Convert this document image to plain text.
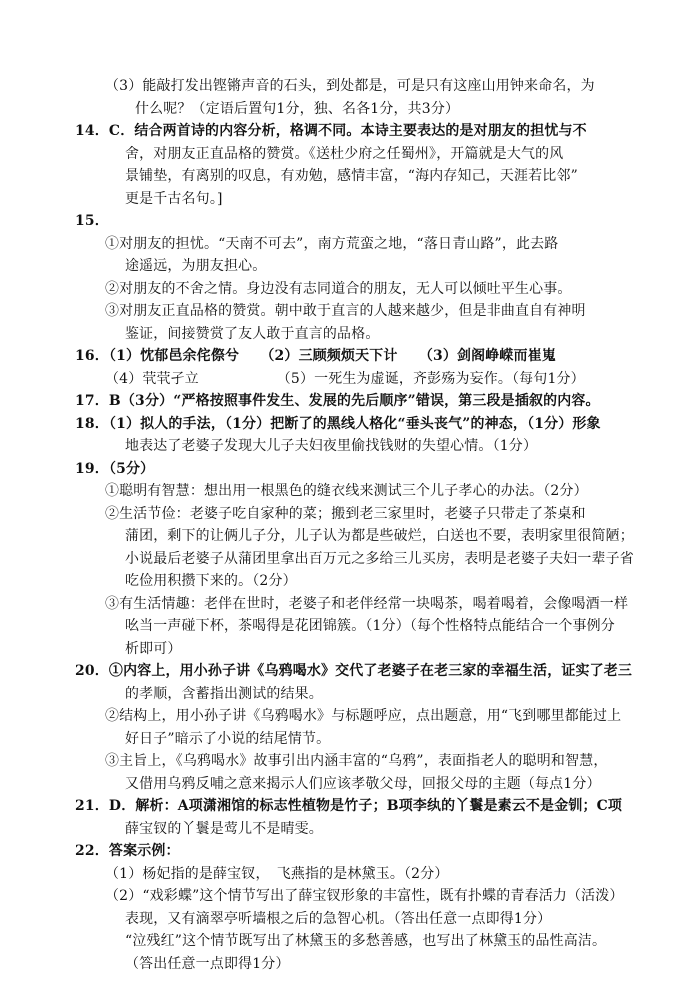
（3）能敲打发出铿锵声音的石头，到处都是，可是只有这座山用钟来命名，为
什么呢？（定语后置句1分，独、名各1分，共3分）
14．C．结合两首诗的内容分析，格调不同。本诗主要表达的是对朋友的担忧与不
舍，对朋友正直品格的赞赏。《送杜少府之任蜀州》，开篇就是大气的风
景铺垫，有离别的叹息，有劝勉，感情丰富，“海内存知己，天涯若比邻”
更是千古名句。]
15．
①对朋友的担忧。“天南不可去”，南方荒蛮之地，“落日青山路”，此去路
途遥远，为朋友担心。
②对朋友的不舍之情。身边没有志同道合的朋友，无人可以倾吐平生心事。
③对朋友正直品格的赞赏。朝中敢于直言的人越来越少，但是非曲直自有神明
鉴证，间接赞赏了友人敢于直言的品格。
16．（1）忱郁邑余侘傺兮　　（2）三顾频烦天下计　　（3）剑阁峥嵘而崔嵬
（4）茕茕孑立　　　　　　（5）一死生为虚诞，齐彭殇为妄作。（每句1分）
17．B（3分）“严格按照事件发生、发展的先后顺序”错误，第三段是插叙的内容。
18．（1）拟人的手法，（1分）把断了的黑线人格化“垂头丧气”的神态，（1分）形象
地表达了老婆子发现大儿子夫妇夜里偷找钱财的失望心情。（1分）
19．（5分）
①聪明有智慧：想出用一根黑色的缝衣线来测试三个儿子孝心的办法。（2分）
②生活节俭：老婆子吃自家种的菜；搬到老三家里时，老婆子只带走了茶桌和
蒲团，剩下的让俩儿子分，儿子认为都是些破烂，白送也不要，表明家里很简陋；
小说最后老婆子从蒲团里拿出百万元之多给三儿买房，表明是老婆子夫妇一辈子省
吃俭用积攒下来的。（2分）
③有生活情趣：老伴在世时，老婆子和老伴经常一块喝茶，喝着喝着，会像喝酒一样
吆当一声碰下杯，茶喝得是花团锦簇。（1分）（每个性格特点能结合一个事例分
析即可）
20．①内容上，用小孙子讲《乌鸦喝水》交代了老婆子在老三家的幸福生活，证实了老三
的孝顺，含蓄指出测试的结果。
②结构上，用小孙子讲《乌鸦喝水》与标题呼应，点出题意，用“飞到哪里都能过上
好日子”暗示了小说的结尾情节。
③主旨上，《乌鸦喝水》故事引出内涵丰富的“乌鸦”，表面指老人的聪明和智慧，
又借用乌鸦反哺之意来揭示人们应该孝敬父母，回报父母的主题（每点1分）
21．D．解析：A项潇湘馆的标志性植物是竹子；B项李纨的丫鬟是素云不是金钏；C项
薛宝钗的丫鬟是莺儿不是晴雯。
22．答案示例：
（1）杨妃指的是薛宝钗，　飞燕指的是林黛玉。（2分）
（2）“戏彩蝶”这个情节写出了薛宝钗形象的丰富性，既有扑蝶的青春活力（活泼）
表现，又有滴翠亭听墙根之后的急智心机。（答出任意一点即得1分）
“泣残红”这个情节既写出了林黛玉的多愁善感，也写出了林黛玉的品性高洁。
（答出任意一点即得1分）
